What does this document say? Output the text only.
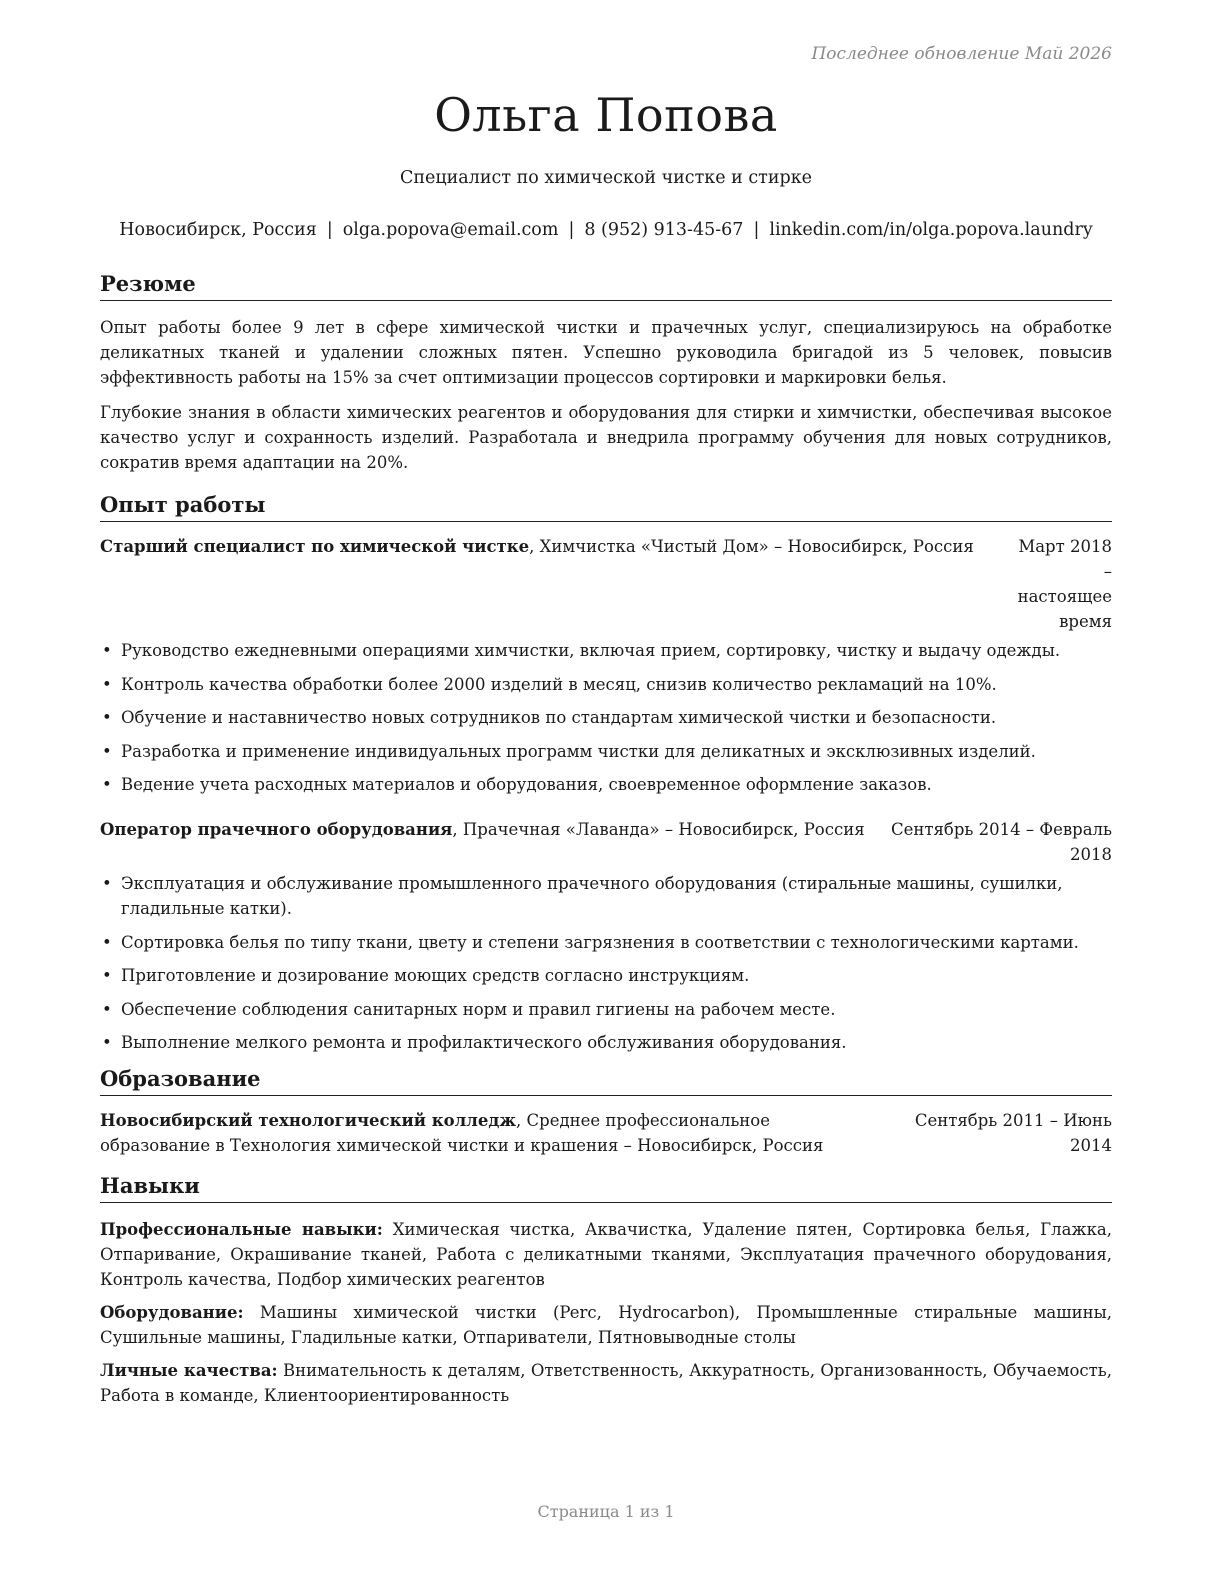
Последнее обновление Май 2026
Ольга Попова
Специалист по химической чистке и стирке
Новосибирск, Россия | olga.popova@email.com | 8 (952) 913-45-67 | linkedin.com/in/olga.popova.laundry
Резюме

Опыт работы более 9 лет в сфере химической чистки и прачечных услуг, специализируюсь на обработке деликатных тканей и удалении сложных пятен. Успешно руководила бригадой из 5 человек, повысив эффективность работы на 15% за счет оптимизации процессов сортировки и маркировки белья.

Глубокие знания в области химических реагентов и оборудования для стирки и химчистки, обеспечивая высокое качество услуг и сохранность изделий. Разработала и внедрила программу обучения для новых сотрудников, сократив время адаптации на 20%.

Опыт работы
Старший специалист по химической чистке, Химчистка «Чистый Дом» – Новосибирск, Россия	Март 2018 – настоящее время
• Руководство ежедневными операциями химчистки, включая прием, сортировку, чистку и выдачу одежды.
• Контроль качества обработки более 2000 изделий в месяц, снизив количество рекламаций на 10%.
• Обучение и наставничество новых сотрудников по стандартам химической чистки и безопасности.
• Разработка и применение индивидуальных программ чистки для деликатных и эксклюзивных изделий.
• Ведение учета расходных материалов и оборудования, своевременное оформление заказов.
Оператор прачечного оборудования, Прачечная «Лаванда» – Новосибирск, Россия	Сентябрь 2014 – Февраль 2018
• Эксплуатация и обслуживание промышленного прачечного оборудования (стиральные машины, сушилки, гладильные катки).
• Сортировка белья по типу ткани, цвету и степени загрязнения в соответствии с технологическими картами.
• Приготовление и дозирование моющих средств согласно инструкциям.
• Обеспечение соблюдения санитарных норм и правил гигиены на рабочем месте.
• Выполнение мелкого ремонта и профилактического обслуживания оборудования.
Образование
Новосибирский технологический колледж, Среднее профессиональное образование в Технология химической чистки и крашения – Новосибирск, Россия
Сентябрь 2011 – Июнь 2014
Навыки

Профессиональные навыки: Химическая чистка, Аквачистка, Удаление пятен, Сортировка белья, Глажка, Отпаривание, Окрашивание тканей, Работа с деликатными тканями, Эксплуатация прачечного оборудования, Контроль качества, Подбор химических реагентов

Оборудование: Машины химической чистки (Perc, Hydrocarbon), Промышленные стиральные машины, Сушильные машины, Гладильные катки, Отпариватели, Пятновыводные столы

Личные качества: Внимательность к деталям, Ответственность, Аккуратность, Организованность, Обучаемость, Работа в команде, Клиентоориентированность

Страница 1 из 1
